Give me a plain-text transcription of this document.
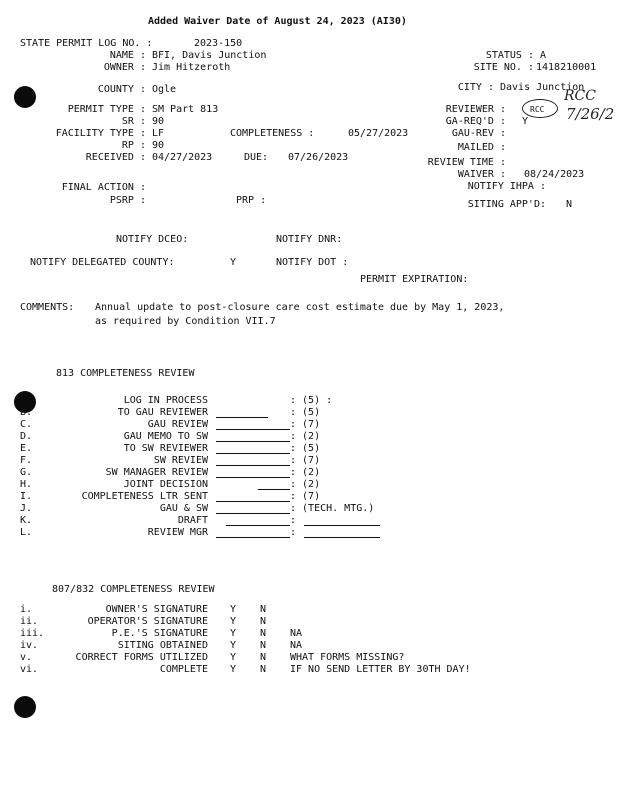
Added Waiver Date of August 24, 2023 (AI30)
STATE PERMIT LOG NO. :	2023-150
NAME : BFI, Davis Junction
OWNER : Jim Hitzeroth
STATUS : A
SITE NO. : 1418210001
COUNTY : Ogle	CITY : Davis Junction
PERMIT TYPE : SM Part 813
SR : 90
FACILITY TYPE : LF
RP : 90
RECEIVED : 04/27/2023	DUE: 07/26/2023
COMPLETENESS :	05/27/2023
REVIEWER :	RCC
GA-REQ'D : Y
GAU-REV :
MAILED :
REVIEW TIME :
WAIVER : 08/24/2023
NOTIFY IHPA :
SITING APP'D: N
RCC
7/26/2
FINAL ACTION :
PSRP :	PRP :
NOTIFY DCEO:	NOTIFY DNR:
NOTIFY DELEGATED COUNTY:	Y	NOTIFY DOT :
PERMIT EXPIRATION:
COMMENTS: Annual update to post-closure care cost estimate due by May 1, 2023,
as required by Condition VII.7
813 COMPLETENESS REVIEW
LOG IN PROCESS	: (5) :
B.	TO GAU REVIEWER	: (5)
C.	GAU REVIEW	: (7)
D.	GAU MEMO TO SW	: (2)
E.	TO SW REVIEWER	: (5)
F.	SW REVIEW	: (7)
G.	SW MANAGER REVIEW	: (2)
H.	JOINT DECISION	: (2)
I.	COMPLETENESS LTR SENT	: (7)
J.	GAU & SW	: (TECH. MTG.)
K.	DRAFT	:
L.	REVIEW MGR	:
807/832 COMPLETENESS REVIEW
i.	OWNER'S SIGNATURE Y N
ii.	OPERATOR'S SIGNATURE Y N
iii.	P.E.'S SIGNATURE Y N NA
iv.	SITING OBTAINED Y N NA
v.	CORRECT FORMS UTILIZED Y N WHAT FORMS MISSING?
vi.	COMPLETE Y N IF NO SEND LETTER BY 30TH DAY!
